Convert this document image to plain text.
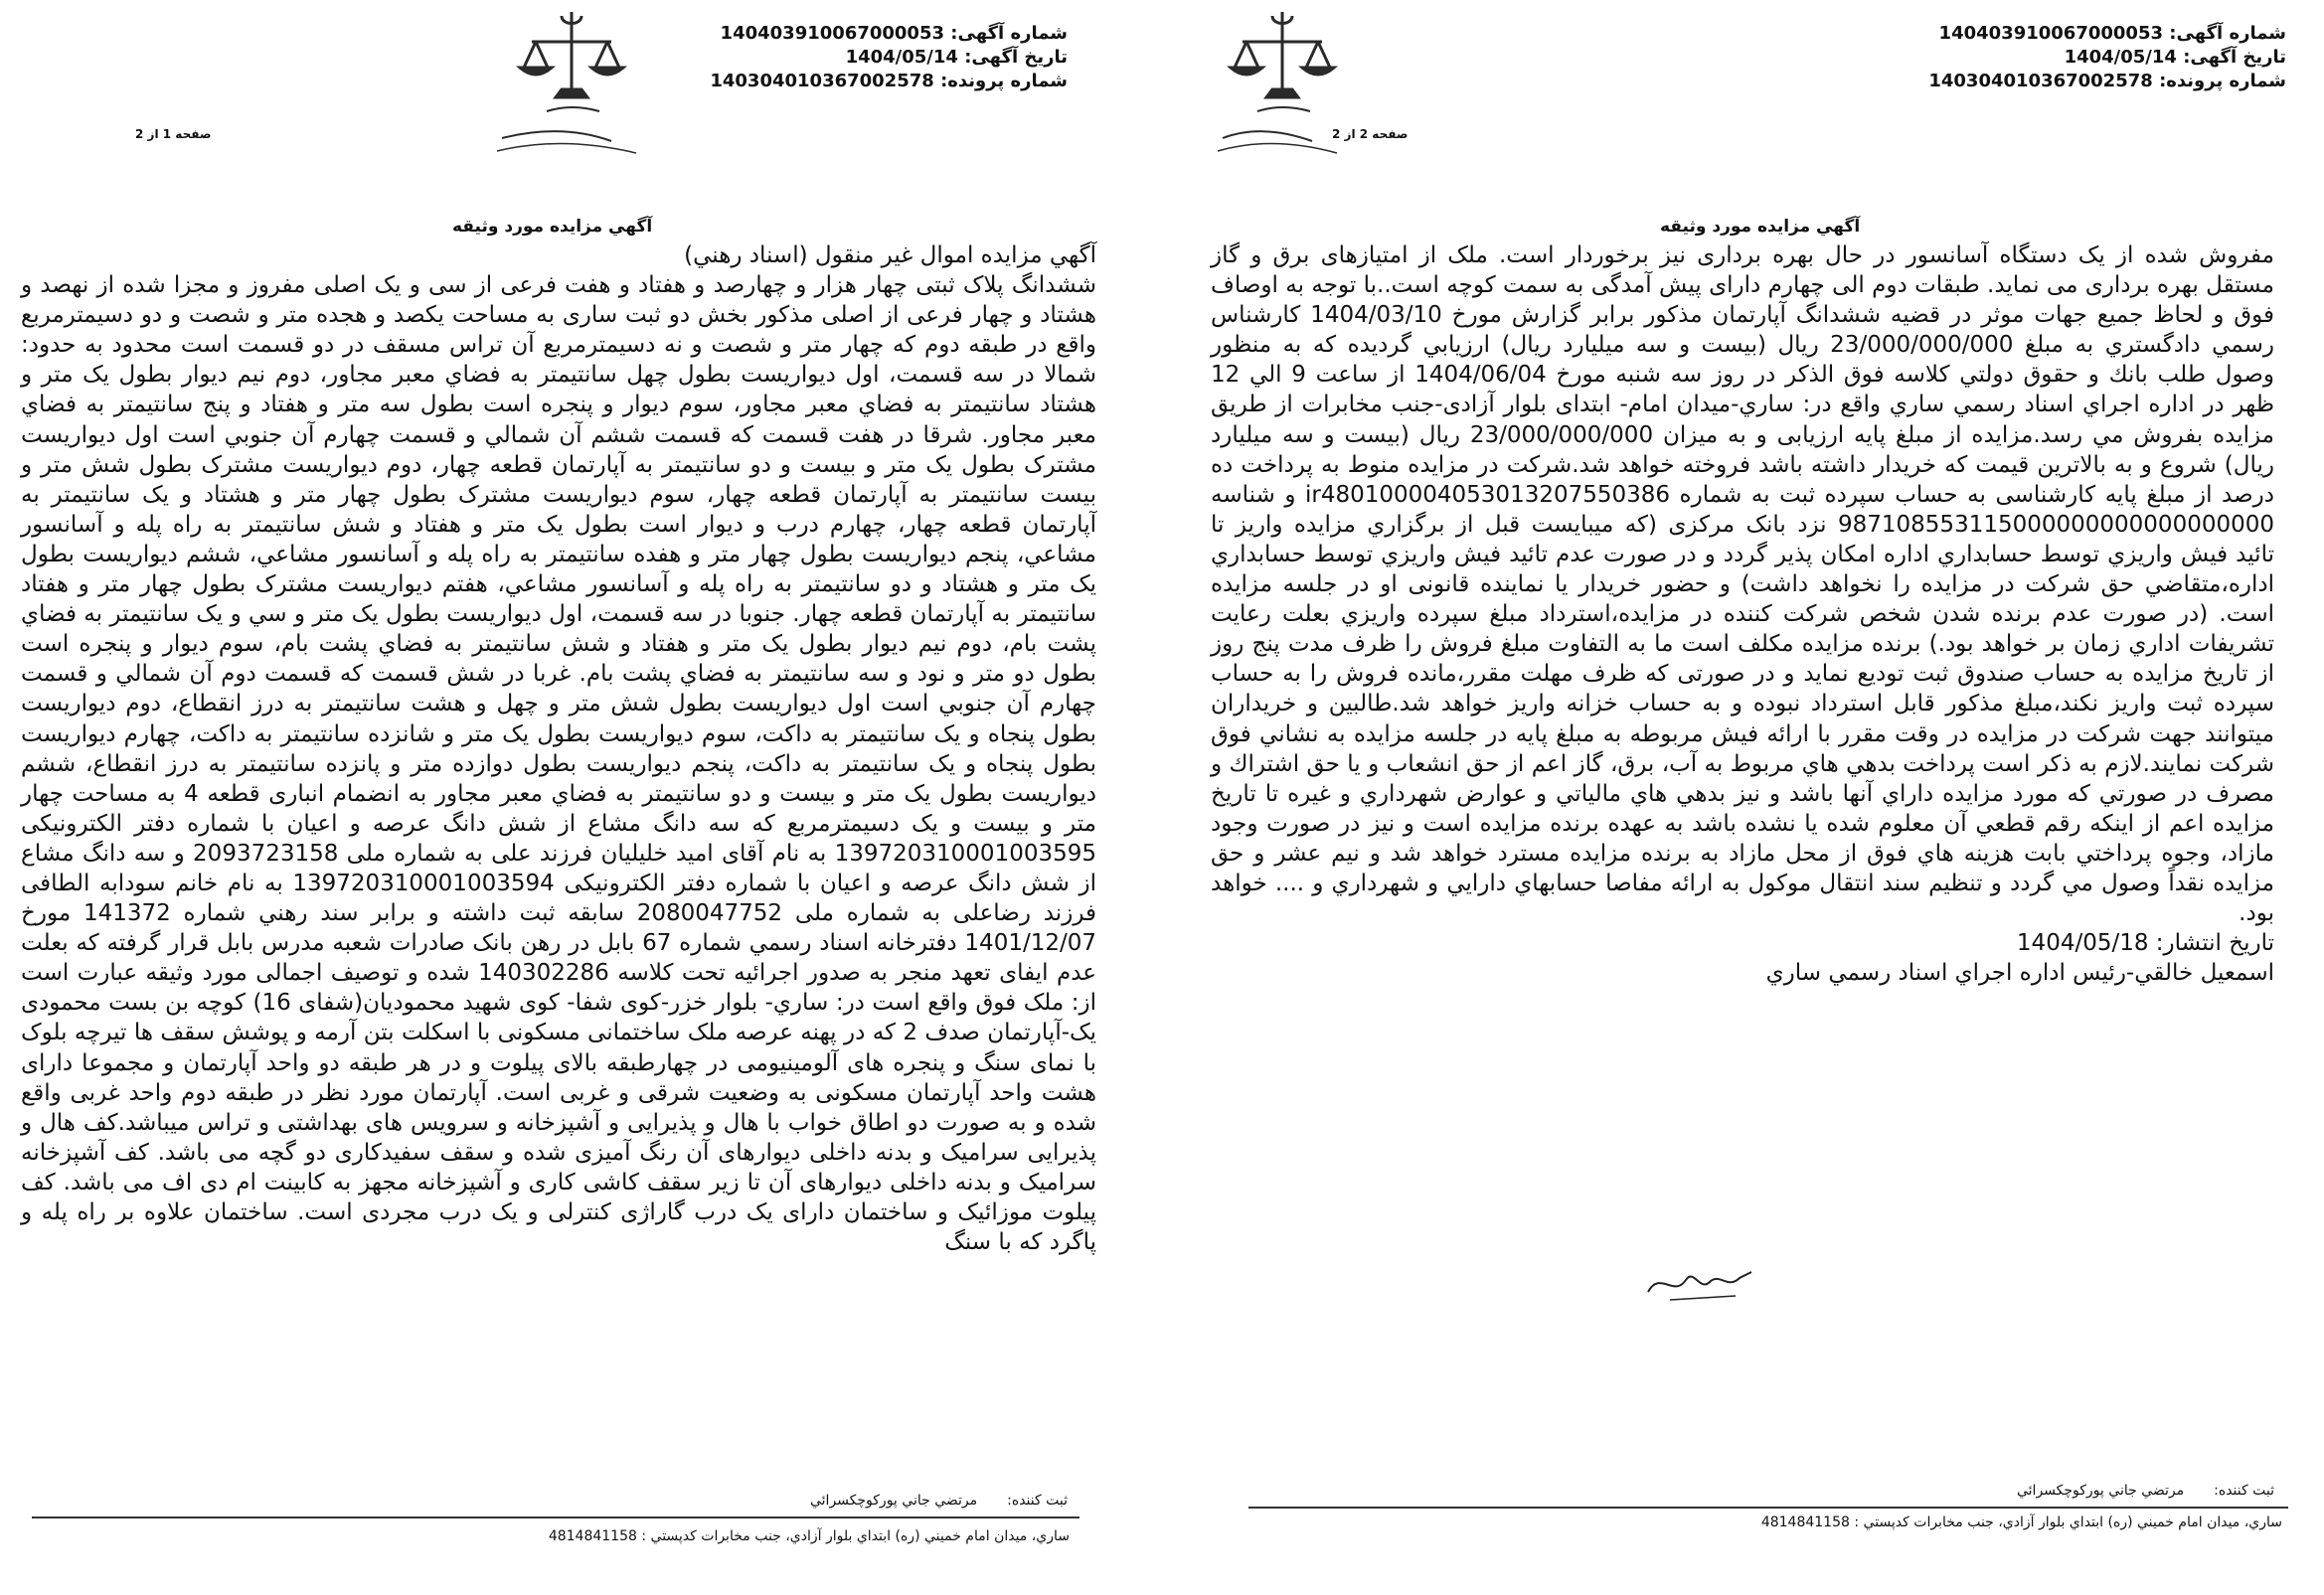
شماره آگهی: 140403910067000053
تاریخ آگهی: 1404/05/14
شماره پرونده: 140304010367002578
صفحه 2 از 2
آگهي مزايده مورد وثيقه
مفروش شده از یک دستگاه آسانسور در حال بهره برداری نیز برخوردار است. ملک از امتیازهای برق و گاز مستقل بهره برداری می نماید. طبقات دوم الی چهارم دارای پیش آمدگی به سمت کوچه است..با توجه به اوصاف فوق و لحاظ جمیع جهات موثر در قضیه ششدانگ آپارتمان مذکور برابر گزارش مورخ 1404/03/10 كارشناس رسمي دادگستري به مبلغ 23/000/000/000 ريال (بيست و سه ميليارد ريال) ارزيابي گرديده كه به منظور وصول طلب بانك و حقوق دولتي كلاسه فوق الذكر در روز سه شنبه مورخ 1404/06/04 از ساعت 9 الي 12 ظهر در اداره اجراي اسناد رسمي ساري واقع در: ساري-ميدان امام- ابتدای بلوار آزادی-جنب مخابرات از طريق مزايده بفروش مي رسد.مزايده از مبلغ پايه ارزيابی و به ميزان 23/000/000/000 ريال (بيست و سه ميليارد ريال) شروع و به بالاترين قيمت كه خريدار داشته باشد فروخته خواهد شد.شركت در مزايده منوط به پرداخت ده درصد از مبلغ پايه كارشناسی به حساب سپرده ثبت به شماره ir480100004053013207550386 و شناسه 987108553115000000000000000000 نزد بانک مرکزی (كه ميبايست قبل از برگزاري مزايده واريز تا تائيد فيش واريزي توسط حسابداري اداره امكان پذير گردد و در صورت عدم تائيد فيش واريزي توسط حسابداري اداره،متقاضي حق شركت در مزايده را نخواهد داشت) و حضور خريدار يا نماينده قانونی او در جلسه مزايده است. (در صورت عدم برنده شدن شخص شركت كننده در مزايده،استرداد مبلغ سپرده واريزي بعلت رعايت تشريفات اداري زمان بر خواهد بود.) برنده مزايده مكلف است ما به التفاوت مبلغ فروش را ظرف مدت پنج روز از تاريخ مزايده به حساب صندوق ثبت توديع نمايد و در صورتی كه ظرف مهلت مقرر،مانده فروش را به حساب سپرده ثبت واريز نكند،مبلغ مذكور قابل استرداد نبوده و به حساب خزانه واريز خواهد شد.طالبين و خريداران ميتوانند جهت شركت در مزايده در وقت مقرر با ارائه فيش مربوطه به مبلغ پايه در جلسه مزايده به نشاني فوق شركت نمايند.لازم به ذكر است پرداخت بدهي هاي مربوط به آب، برق، گاز اعم از حق انشعاب و يا حق اشتراك و مصرف در صورتي كه مورد مزايده داراي آنها باشد و نيز بدهي هاي مالياتي و عوارض شهرداري و غيره تا تاريخ مزايده اعم از اينكه رقم قطعي آن معلوم شده يا نشده باشد به عهده برنده مزايده است و نيز در صورت وجود مازاد، وجوه پرداختي بابت هزينه هاي فوق از محل مازاد به برنده مزايده مسترد خواهد شد و نيم عشر و حق مزايده نقداً وصول مي گردد و تنظيم سند انتقال موكول به ارائه مفاصا حسابهاي دارايي و شهرداري و .... خواهد بود.
تاریخ انتشار: 1404/05/18
اسمعيل خالقي-رئيس اداره اجراي اسناد رسمي ساري
ثبت کننده:مرتضي جاني پوركوچكسرائي
ساري، ميدان امام خميني (ره) ابتداي بلوار آزادي، جنب مخابرات كدپستي : 4814841158
شماره آگهی: 140403910067000053
تاریخ آگهی: 1404/05/14
شماره پرونده: 140304010367002578
صفحه 1 از 2
آگهي مزايده مورد وثيقه
آگهي مزايده اموال غير منقول (اسناد رهني)
ششدانگ پلاک ثبتی چهار هزار و چهارصد و هفتاد و هفت فرعی از سی و یک اصلی مفروز و مجزا شده از نهصد و هشتاد و چهار فرعی از اصلی مذکور بخش دو ثبت ساری به مساحت یکصد و هجده متر و شصت و دو دسیمترمربع واقع در طبقه دوم که چهار متر و شصت و نه دسیمترمربع آن تراس مسقف در دو قسمت است محدود به حدود: شمالا در سه قسمت، اول ديواريست بطول چهل سانتيمتر به فضاي معبر مجاور، دوم نيم ديوار بطول يک متر و هشتاد سانتيمتر به فضاي معبر مجاور، سوم ديوار و پنجره است بطول سه متر و هفتاد و پنج سانتيمتر به فضاي معبر مجاور. شرقا در هفت قسمت كه قسمت ششم آن شمالي و قسمت چهارم آن جنوبي است اول ديواريست مشترک بطول یک متر و بیست و دو سانتيمتر به آپارتمان قطعه چهار، دوم ديواريست مشترک بطول شش متر و بيست سانتيمتر به آپارتمان قطعه چهار، سوم ديواريست مشترک بطول چهار متر و هشتاد و یک سانتيمتر به آپارتمان قطعه چهار، چهارم درب و ديوار است بطول يک متر و هفتاد و شش سانتيمتر به راه پله و آسانسور مشاعي، پنجم ديواريست بطول چهار متر و هفده سانتيمتر به راه پله و آسانسور مشاعي، ششم ديواريست بطول يک متر و هشتاد و دو سانتيمتر به راه پله و آسانسور مشاعي، هفتم ديواريست مشترک بطول چهار متر و هفتاد سانتيمتر به آپارتمان قطعه چهار. جنوبا در سه قسمت، اول ديواريست بطول يک متر و سي و یک سانتيمتر به فضاي پشت بام، دوم نيم ديوار بطول يک متر و هفتاد و شش سانتيمتر به فضاي پشت بام، سوم ديوار و پنجره است بطول دو متر و نود و سه سانتيمتر به فضاي پشت بام. غربا در شش قسمت که قسمت دوم آن شمالي و قسمت چهارم آن جنوبي است اول ديواريست بطول شش متر و چهل و هشت سانتيمتر به درز انقطاع، دوم ديواريست بطول پنجاه و يک سانتيمتر به داكت، سوم ديواريست بطول يک متر و شانزده سانتيمتر به داكت، چهارم ديواريست بطول پنجاه و يک سانتيمتر به داكت، پنجم ديواريست بطول دوازده متر و پانزده سانتيمتر به درز انقطاع، ششم ديواريست بطول يک متر و بيست و دو سانتيمتر به فضاي معبر مجاور به انضمام انباری قطعه 4 به مساحت چهار متر و بیست و یک دسیمترمربع که سه دانگ مشاع از شش دانگ عرصه و اعیان با شماره دفتر الکترونیکی 13972031000100359​5 به نام آقای امید خلیلیان فرزند علی به شماره ملی 2093723158 و سه دانگ مشاع از شش دانگ عرصه و اعیان با شماره دفتر الکترونیکی 139720310001003594 به نام خانم سودابه الطافی فرزند رضاعلی به شماره ملی 2080047752 سابقه ثبت داشته و برابر سند رهني شماره 141372 مورخ 1401/12/07 دفترخانه اسناد رسمي شماره 67 بابل در رهن بانک صادرات شعبه مدرس بابل قرار گرفته که بعلت عدم ایفای تعهد منجر به صدور اجرائیه تحت کلاسه 140302286 شده و توصیف اجمالی مورد وثیقه عبارت است از: ملک فوق واقع است در: ساري- بلوار خزر-کوی شفا- کوی شهید محمودیان(شفای 16) کوچه بن بست محمودی یک-آپارتمان صدف 2 که در پهنه عرصه ملک ساختمانی مسکونی با اسکلت بتن آرمه و پوشش سقف ها تیرچه بلوک با نمای سنگ و پنجره های آلومینیومی در چهارطبقه بالای پیلوت و در هر طبقه دو واحد آپارتمان و مجموعا دارای هشت واحد آپارتمان مسکونی به وضعیت شرقی و غربی است. آپارتمان مورد نظر در طبقه دوم واحد غربی واقع شده و به صورت دو اطاق خواب با هال و پذیرایی و آشپزخانه و سرویس های بهداشتی و تراس میباشد.کف هال و پذیرایی سرامیک و بدنه داخلی دیوارهای آن رنگ آمیزی شده و سقف سفیدکاری دو گچه می باشد. کف آشپزخانه سرامیک و بدنه داخلی دیوارهای آن تا زیر سقف کاشی کاری و آشپزخانه مجهز به کابینت ام دی اف می باشد. کف پیلوت موزائیک و ساختمان دارای یک درب گاراژی کنترلی و یک درب مجردی است. ساختمان علاوه بر راه پله و پاگرد که با سنگ
ثبت کننده:مرتضي جاني پوركوچكسرائي
ساري، ميدان امام خميني (ره) ابتداي بلوار آزادي، جنب مخابرات كدپستي : 4814841158
